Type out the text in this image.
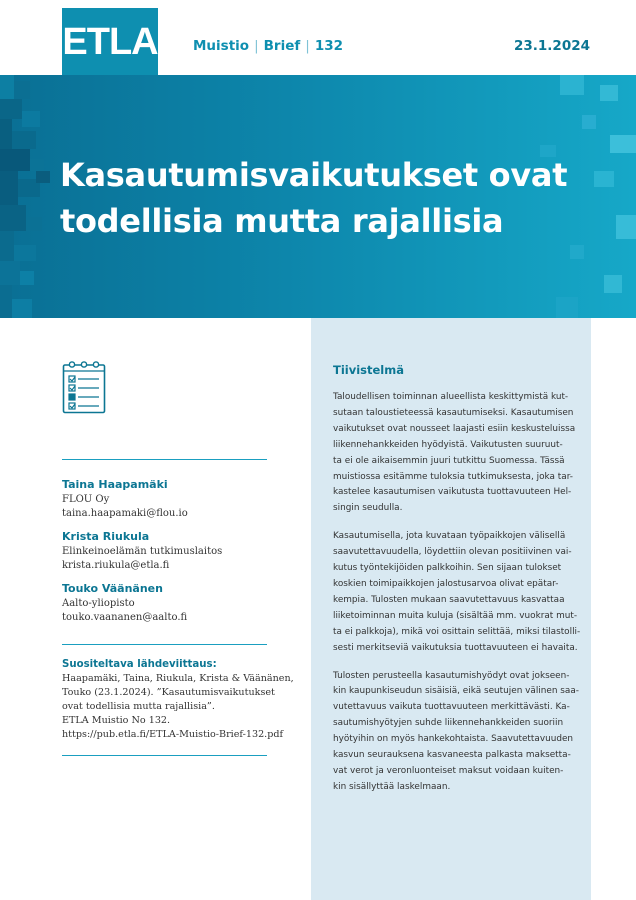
ETLA	Muistio | Brief | 132	23.1.2024
Kasautumisvaikutukset ovat
todellisia mutta rajallisia
Taina Haapamäki
FLOU Oy
taina.haapamaki@flou.io
Krista Riukula
Elinkeinoelämän tutkimuslaitos
krista.riukula@etla.fi
Touko Väänänen
Aalto-yliopisto
touko.vaananen@aalto.fi
Suositeltava lähdeviittaus:
Haapamäki, Taina, Riukula, Krista & Väänänen,
Touko (23.1.2024). ”Kasautumisvaikutukset
ovat todellisia mutta rajallisia”.
ETLA Muistio No 132.
https://pub.etla.fi/ETLA-Muistio-Brief-132.pdf
Tiivistelmä
Taloudellisen toiminnan alueellista keskittymistä kut-
sutaan taloustieteessä kasautumiseksi. Kasautumisen
vaikutukset ovat nousseet laajasti esiin keskusteluissa
liikennehankkeiden hyödyistä. Vaikutusten suuruut-
ta ei ole aikaisemmin juuri tutkittu Suomessa. Tässä
muistiossa esitämme tuloksia tutkimuksesta, joka tar-
kastelee kasautumisen vaikutusta tuottavuuteen Hel-
singin seudulla.
Kasautumisella, jota kuvataan työpaikkojen välisellä
saavutettavuudella, löydettiin olevan positiivinen vai-
kutus työntekijöiden palkkoihin. Sen sijaan tulokset
koskien toimipaikkojen jalostusarvoa olivat epätar-
kempia. Tulosten mukaan saavutettavuus kasvattaa
liiketoiminnan muita kuluja (sisältää mm. vuokrat mut-
ta ei palkkoja), mikä voi osittain selittää, miksi tilastolli-
sesti merkitseviä vaikutuksia tuottavuuteen ei havaita.
Tulosten perusteella kasautumishyödyt ovat jokseen-
kin kaupunkiseudun sisäisiä, eikä seutujen välinen saa-
vutettavuus vaikuta tuottavuuteen merkittävästi. Ka-
sautumishyötyjen suhde liikennehankkeiden suoriin
hyötyihin on myös hankekohtaista. Saavutettavuuden
kasvun seurauksena kasvaneesta palkasta maksetta-
vat verot ja veronluonteiset maksut voidaan kuiten-
kin sisällyttää laskelmaan.
